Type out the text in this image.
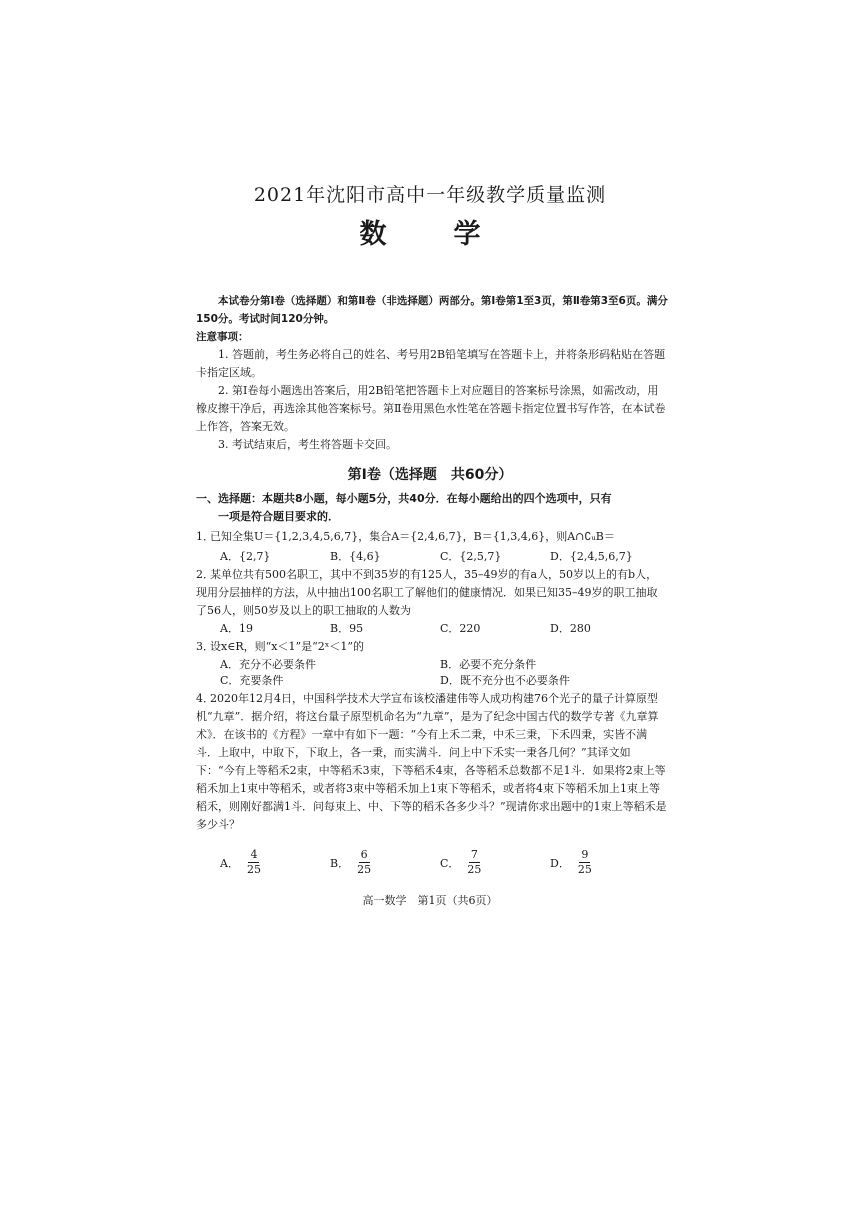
2021年沈阳市高中一年级教学质量监测
数　学
本试卷分第Ⅰ卷（选择题）和第Ⅱ卷（非选择题）两部分。第Ⅰ卷第1至3页，第Ⅱ卷第3至6页。满分150分。考试时间120分钟。
注意事项：
1. 答题前，考生务必将自己的姓名、考号用2B铅笔填写在答题卡上，并将条形码粘贴在答题卡指定区域。
2. 第Ⅰ卷每小题选出答案后，用2B铅笔把答题卡上对应题目的答案标号涂黑，如需改动，用橡皮擦干净后，再选涂其他答案标号。第Ⅱ卷用黑色水性笔在答题卡指定位置书写作答，在本试卷上作答，答案无效。
3. 考试结束后，考生将答题卡交回。
第Ⅰ卷（选择题　共60分）
一、选择题：本题共8小题，每小题5分，共40分．在每小题给出的四个选项中，只有
一项是符合题目要求的．
1．已知全集U＝{1,2,3,4,5,6,7}，集合A＝{2,4,6,7}，B＝{1,3,4,6}，则A∩∁ᵤB＝
A．{2,7}	B．{4,6}	C．{2,5,7}	D．{2,4,5,6,7}
2．某单位共有500名职工，其中不到35岁的有125人，35–49岁的有a人，50岁以上的有b人，现用分层抽样的方法，从中抽出100名职工了解他们的健康情况．如果已知35–49岁的职工抽取了56人，则50岁及以上的职工抽取的人数为
A．19	B．95	C．220	D．280
3．设x∈R，则“x＜1”是“2ˣ＜1”的
A．充分不必要条件	B．必要不充分条件
C．充要条件	D．既不充分也不必要条件
4．2020年12月4日，中国科学技术大学宣布该校潘建伟等人成功构建76个光子的量子计算原型机“九章”．据介绍，将这台量子原型机命名为“九章”，是为了纪念中国古代的数学专著《九章算术》．在该书的《方程》一章中有如下一题：“今有上禾二秉，中禾三秉，下禾四秉，实皆不满斗．上取中，中取下，下取上，各一秉，而实满斗．问上中下禾实一秉各几何？”其译文如下：“今有上等稻禾2束，中等稻禾3束，下等稻禾4束，各等稻禾总数都不足1斗．如果将2束上等稻禾加上1束中等稻禾，或者将3束中等稻禾加上1束下等稻禾，或者将4束下等稻禾加上1束上等稻禾，则刚好都满1斗．问每束上、中、下等的稻禾各多少斗？”现请你求出题中的1束上等稻禾是多少斗？
A． $\frac{4}{25}$	B． $\frac{6}{25}$	C． $\frac{7}{25}$	D． $\frac{9}{25}$
高一数学　第1页（共6页）
